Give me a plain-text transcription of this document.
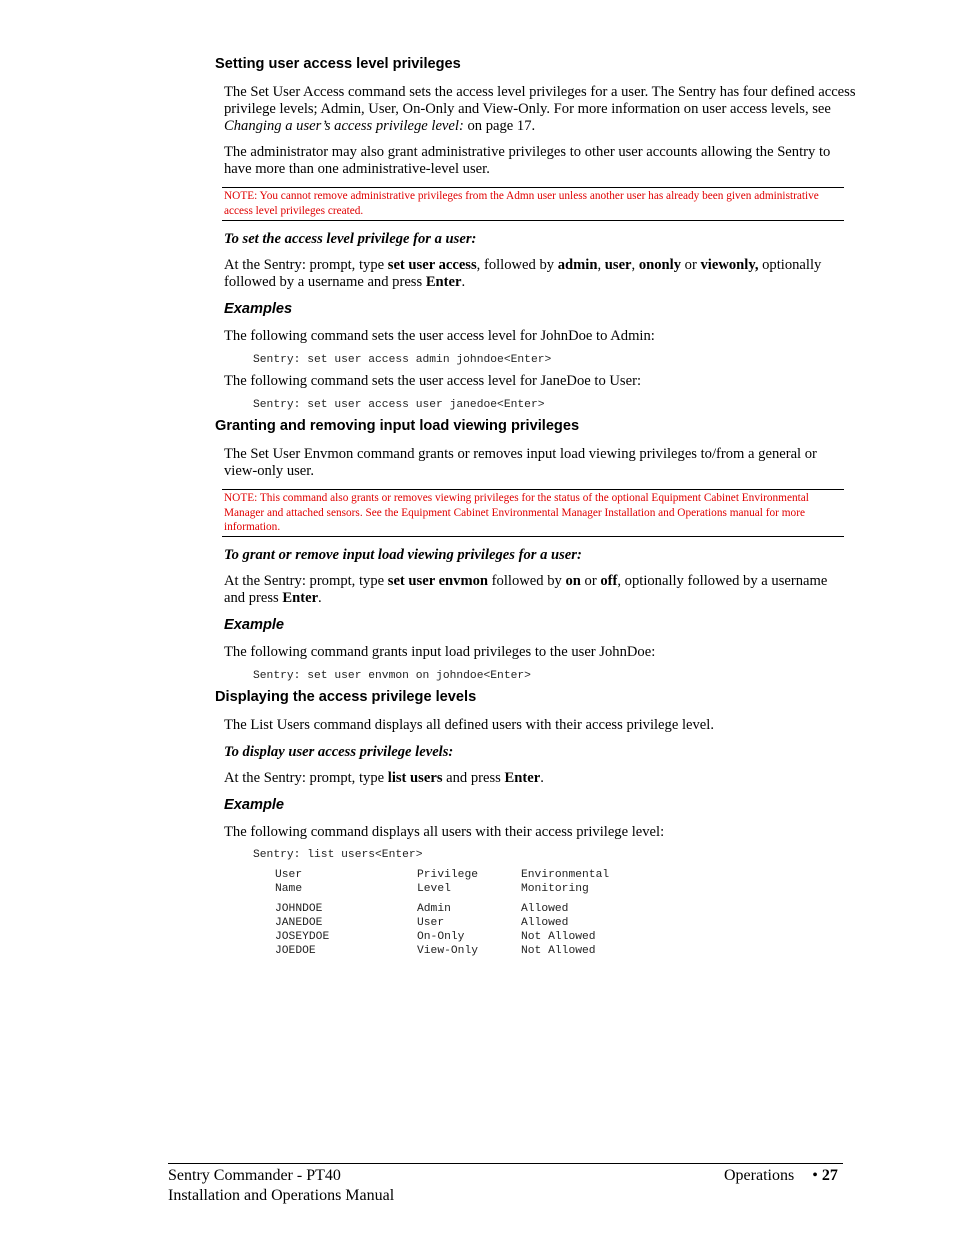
Setting user access level privileges
The Set User Access command sets the access level privileges for a user. The Sentry has four defined access privilege levels; Admin, User, On-Only and View-Only. For more information on user access levels, see Changing a user’s access privilege level: on page 17.
The administrator may also grant administrative privileges to other user accounts allowing the Sentry to have more than one administrative-level user.
NOTE: You cannot remove administrative privileges from the Admn user unless another user has already been given administrative access level privileges created.
To set the access level privilege for a user:
At the Sentry: prompt, type set user access, followed by admin, user, ononly or viewonly, optionally followed by a username and press Enter.
Examples
The following command sets the user access level for JohnDoe to Admin:
Sentry: set user access admin johndoe<Enter>
The following command sets the user access level for JaneDoe to User:
Sentry: set user access user janedoe<Enter>
Granting and removing input load viewing privileges
The Set User Envmon command grants or removes input load viewing privileges to/from a general or view-only user.
NOTE: This command also grants or removes viewing privileges for the status of the optional Equipment Cabinet Environmental Manager and attached sensors. See the Equipment Cabinet Environmental Manager Installation and Operations manual for more information.
To grant or remove input load viewing privileges for a user:
At the Sentry: prompt, type set user envmon followed by on or off, optionally followed by a username and press Enter.
Example
The following command grants input load privileges to the user JohnDoe:
Sentry: set user envmon on johndoe<Enter>
Displaying the access privilege levels
The List Users command displays all defined users with their access privilege level.
To display user access privilege levels:
At the Sentry: prompt, type list users and press Enter.
Example
The following command displays all users with their access privilege level:
Sentry: list users<Enter>
User	Privilege	Environmental
Name	Level	Monitoring
JOHNDOE	Admin	Allowed
JANEDOE	User	Allowed
JOSEYDOE	On-Only	Not Allowed
JOEDOE	View-Only	Not Allowed
Sentry Commander - PT40
Installation and Operations Manual
Operations • 27
